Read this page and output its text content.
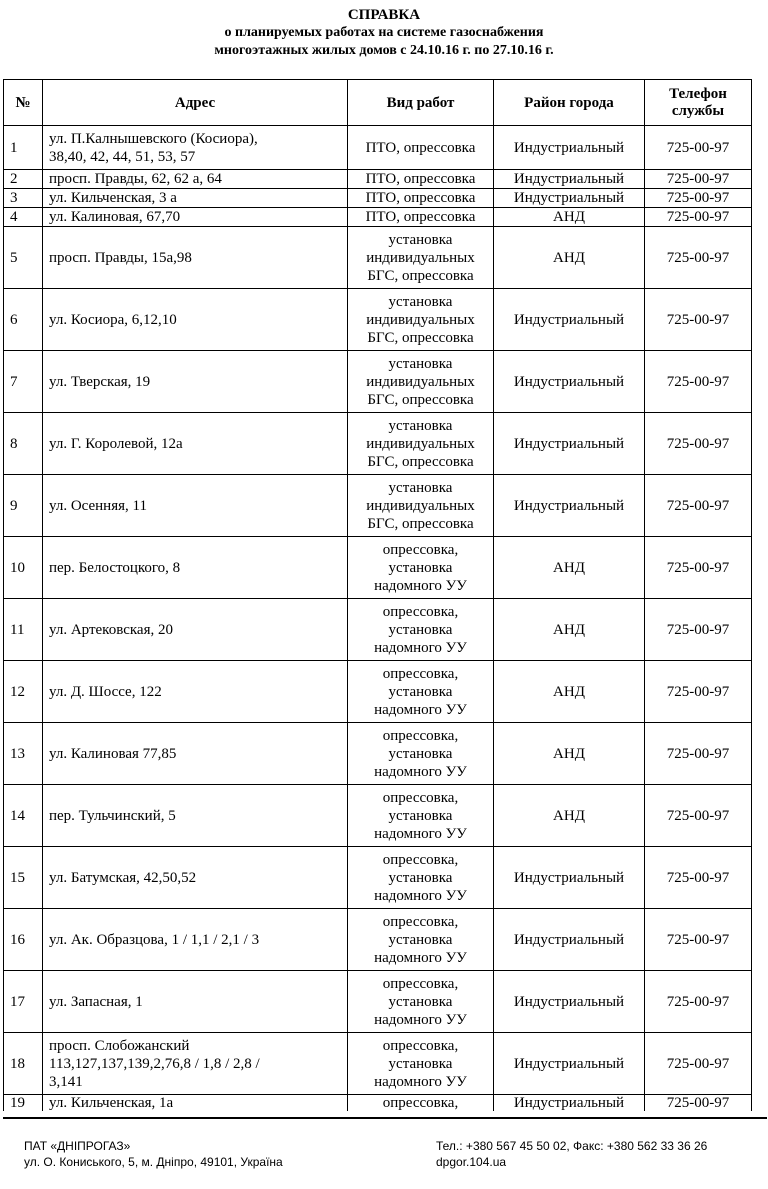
СПРАВКА
о планируемых работах на системе газоснабжения
многоэтажных жилых домов с 24.10.16 г. по 27.10.16 г.
№	Адрес	Вид работ	Район города	Телефон
службы
1	ул. П.Калнышевского (Косиора),
38,40, 42, 44, 51, 53, 57	ПТО, опрессовка	Индустриальный	725-00-97
2	просп. Правды, 62, 62 а, 64	ПТО, опрессовка	Индустриальный	725-00-97
3	ул. Кильченская, 3 а	ПТО, опрессовка	Индустриальный	725-00-97
4	ул. Калиновая, 67,70	ПТО, опрессовка	АНД	725-00-97
5	просп. Правды, 15а,98	установка
индивидуальных
БГС, опрессовка	АНД	725-00-97
6	ул. Косиора, 6,12,10	установка
индивидуальных
БГС, опрессовка	Индустриальный	725-00-97
7	ул. Тверская, 19	установка
индивидуальных
БГС, опрессовка	Индустриальный	725-00-97
8	ул. Г. Королевой, 12а	установка
индивидуальных
БГС, опрессовка	Индустриальный	725-00-97
9	ул. Осенняя, 11	установка
индивидуальных
БГС, опрессовка	Индустриальный	725-00-97
10	пер. Белостоцкого, 8	опрессовка,
установка
надомного УУ	АНД	725-00-97
11	ул. Артековская, 20	опрессовка,
установка
надомного УУ	АНД	725-00-97
12	ул. Д. Шоссе, 122	опрессовка,
установка
надомного УУ	АНД	725-00-97
13	ул. Калиновая 77,85	опрессовка,
установка
надомного УУ	АНД	725-00-97
14	пер. Тульчинский, 5	опрессовка,
установка
надомного УУ	АНД	725-00-97
15	ул. Батумская, 42,50,52	опрессовка,
установка
надомного УУ	Индустриальный	725-00-97
16	ул. Ак. Образцова, 1 / 1,1 / 2,1 / 3	опрессовка,
установка
надомного УУ	Индустриальный	725-00-97
17	ул. Запасная, 1	опрессовка,
установка
надомного УУ	Индустриальный	725-00-97
18	просп. Слобожанский
113,127,137,139,2,76,8 / 1,8 / 2,8 /
3,141	опрессовка,
установка
надомного УУ	Индустриальный	725-00-97
19	ул. Кильченская, 1а	опрессовка,	Индустриальный	725-00-97
ПАТ «ДНІПРОГАЗ»
ул. О. Кониського, 5, м. Дніпро, 49101, Україна
Тел.: +380 567 45 50 02, Факс: +380 562 33 36 26
dpgor.104.ua
